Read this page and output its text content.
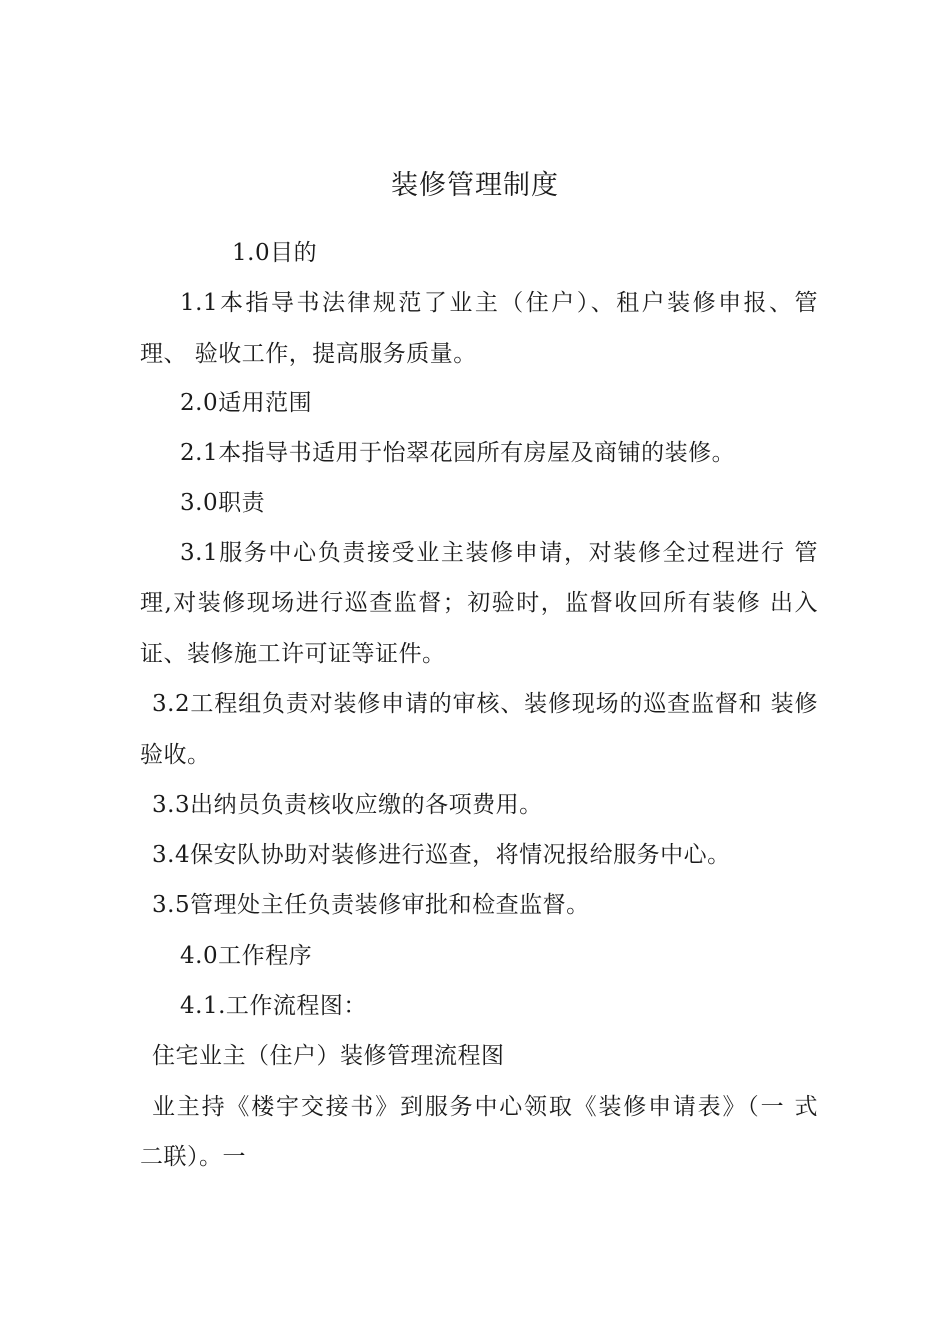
装修管理制度
1.0目的
1.1本指导书法律规范了业主（住户）、租户装修申报、管
理、 验收工作，提高服务质量。
2.0适用范围
2.1本指导书适用于怡翠花园所有房屋及商铺的装修。
3.0职责
3.1服务中心负责接受业主装修申请，对装修全过程进行 管
理,对装修现场进行巡查监督；初验时，监督收回所有装修 出入
证、装修施工许可证等证件。
3.2工程组负责对装修申请的审核、装修现场的巡查监督和 装修
验收。
3.3出纳员负责核收应缴的各项费用。
3.4保安队协助对装修进行巡查，将情况报给服务中心。
3.5管理处主任负责装修审批和检查监督。
4.0工作程序
4.1.工作流程图：
住宅业主（住户）装修管理流程图
业主持《楼宇交接书》到服务中心领取《装修申请表》（一 式
二联）。一
